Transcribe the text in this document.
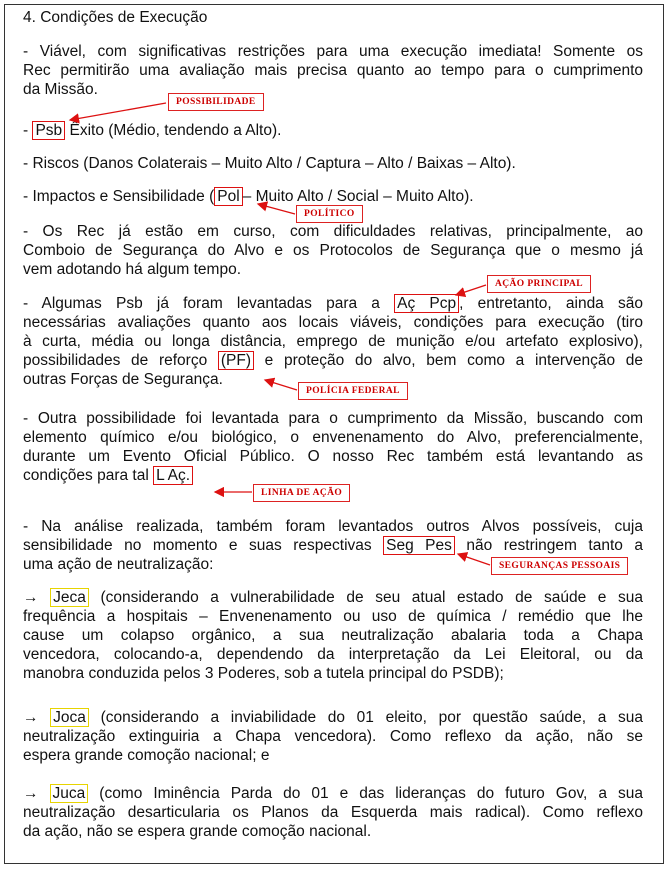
4. Condições de Execução

- Viável, com significativas restrições para uma execução imediata! Somente os
Rec permitirão uma avaliação mais precisa quanto ao tempo para o cumprimento
da Missão.

- Psb Êxito (Médio, tendendo a Alto).

- Riscos (Danos Colaterais – Muito Alto / Captura – Alto / Baixas – Alto).

- Impactos e Sensibilidade ( Pol – Muito Alto / Social – Muito Alto).

- Os Rec já estão em curso, com dificuldades relativas, principalmente, ao
Comboio de Segurança do Alvo e os Protocolos de Segurança que o mesmo já
vem adotando há algum tempo.

- Algumas Psb já foram levantadas para a Aç Pcp , entretanto, ainda são
necessárias avaliações quanto aos locais viáveis, condições para execução (tiro
à curta, média ou longa distância, emprego de munição e/ou artefato explosivo),
possibilidades de reforço (PF) e proteção do alvo, bem como a intervenção de
outras Forças de Segurança.

- Outra possibilidade foi levantada para o cumprimento da Missão, buscando com
elemento químico e/ou biológico, o envenenamento do Alvo, preferencialmente,
durante um Evento Oficial Público. O nosso Rec também está levantando as
condições para tal L Aç.

- Na análise realizada, também foram levantados outros Alvos possíveis, cuja
sensibilidade no momento e suas respectivas Seg Pes não restringem tanto a
uma ação de neutralização:

→ Jeca (considerando a vulnerabilidade de seu atual estado de saúde e sua
frequência a hospitais – Envenenamento ou uso de química / remédio que lhe
cause um colapso orgânico, a sua neutralização abalaria toda a Chapa
vencedora, colocando-a, dependendo da interpretação da Lei Eleitoral, ou da
manobra conduzida pelos 3 Poderes, sob a tutela principal do PSDB);

→ Joca (considerando a inviabilidade do 01 eleito, por questão saúde, a sua
neutralização extinguiria a Chapa vencedora). Como reflexo da ação, não se
espera grande comoção nacional; e

→ Juca (como Iminência Parda do 01 e das lideranças do futuro Gov, a sua
neutralização desarticularia os Planos da Esquerda mais radical). Como reflexo
da ação, não se espera grande comoção nacional.

POSSIBILIDADE
POLÍTICO
AÇÃO PRINCIPAL
POLÍCIA FEDERAL
LINHA DE AÇÃO
SEGURANÇAS PESSOAIS
